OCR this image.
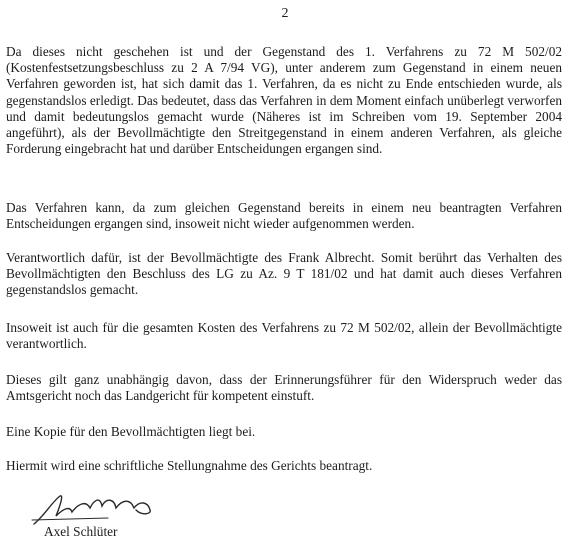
2

Da dieses nicht geschehen ist und der Gegenstand des 1. Verfahrens zu 72 M 502/02 (Kostenfestsetzungsbeschluss zu 2 A 7/94 VG), unter anderem zum Gegenstand in einem neuen Verfahren geworden ist, hat sich damit das 1. Verfahren, da es nicht zu Ende entschieden wurde, als gegenstandslos erledigt. Das bedeutet, dass das Verfahren in dem Moment einfach unüberlegt verworfen und damit bedeutungslos gemacht wurde (Näheres ist im Schreiben vom 19. September 2004 angeführt), als der Bevollmächtigte den Streitgegenstand in einem anderen Verfahren, als gleiche Forderung eingebracht hat und darüber Entscheidungen ergangen sind.

Das Verfahren kann, da zum gleichen Gegenstand bereits in einem neu beantragten Verfahren Entscheidungen ergangen sind, insoweit nicht wieder aufgenommen werden.

Verantwortlich dafür, ist der Bevollmächtigte des Frank Albrecht. Somit berührt das Verhalten des Bevollmächtigten den Beschluss des LG zu Az. 9 T 181/02 und hat damit auch dieses Verfahren gegenstandslos gemacht.

Insoweit ist auch für die gesamten Kosten des Verfahrens zu 72 M 502/02, allein der Bevollmächtigte verantwortlich.

Dieses gilt ganz unabhängig davon, dass der Erinnerungsführer für den Widerspruch weder das Amtsgericht noch das Landgericht für kompetent einstuft.

Eine Kopie für den Bevollmächtigten liegt bei.

Hiermit wird eine schriftliche Stellungnahme des Gerichts beantragt.

Axel Schlüter
